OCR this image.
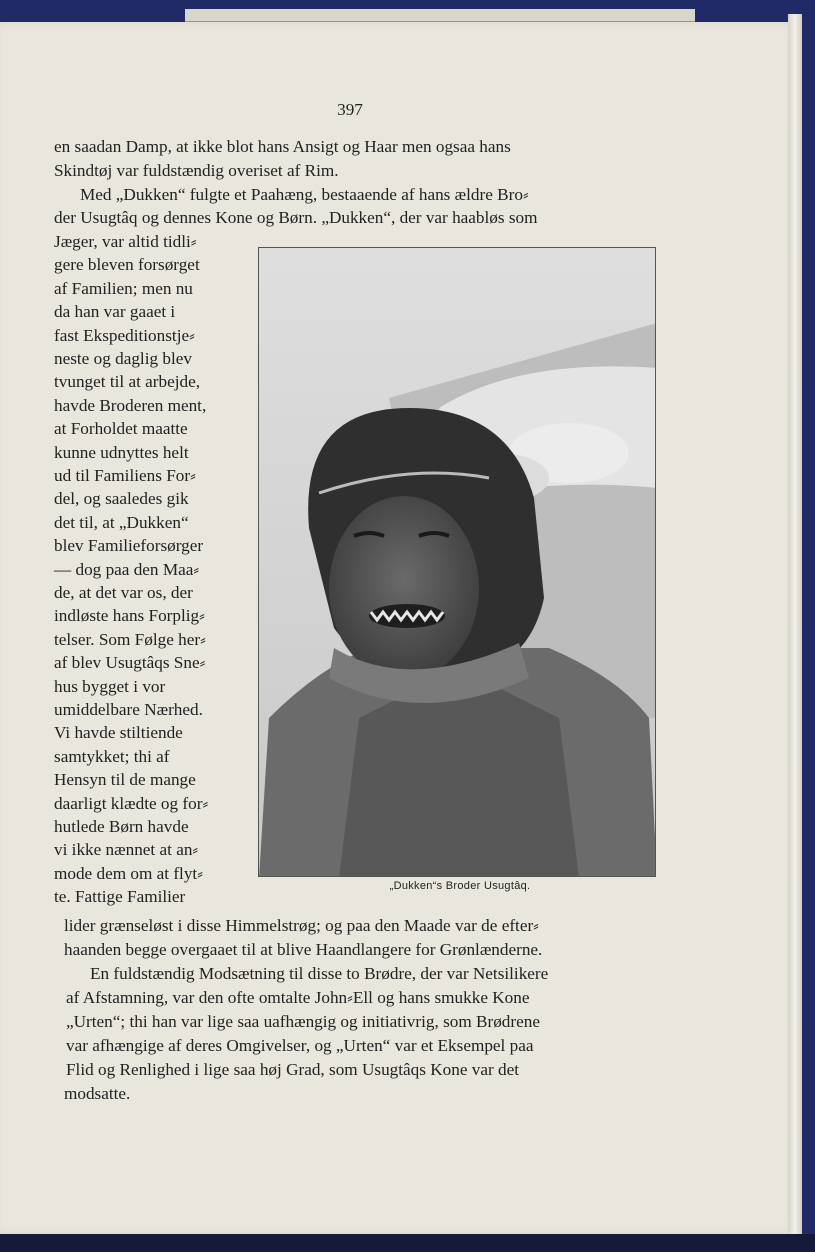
397
en saadan Damp, at ikke blot hans Ansigt og Haar men ogsaa hans
Skindtøj var fuldstændig overiset af Rim.
Med „Dukken“ fulgte et Paahæng, bestaaende af hans ældre Bro⸗
der Usugtâq og dennes Kone og Børn. „Dukken“, der var haabløs som
Jæger, var altid tidli⸗
gere bleven forsørget
af Familien; men nu
da han var gaaet i
fast Ekspeditionstje⸗
neste og daglig blev
tvunget til at arbejde,
havde Broderen ment,
at Forholdet maatte
kunne udnyttes helt
ud til Familiens For⸗
del, og saaledes gik
det til, at „Dukken“
blev Familieforsørger
— dog paa den Maa⸗
de, at det var os, der
indløste hans Forplig⸗
telser. Som Følge her⸗
af blev Usugtâqs Sne⸗
hus bygget i vor
umiddelbare Nærhed.
Vi havde stiltiende
samtykket; thi af
Hensyn til de mange
daarligt klædte og for⸗
hutlede Børn havde
vi ikke nænnet at an⸗
mode dem om at flyt⸗
te. Fattige Familier
„Dukken“s Broder Usugtâq.
lider grænseløst i disse Himmelstrøg; og paa den Maade var de efter⸗
haanden begge overgaaet til at blive Haandlangere for Grønlænderne.
En fuldstændig Modsætning til disse to Brødre, der var Netsilikere
af Afstamning, var den ofte omtalte John⸗Ell og hans smukke Kone
„Urten“; thi han var lige saa uafhængig og initiativrig, som Brødrene
var afhængige af deres Omgivelser, og „Urten“ var et Eksempel paa
Flid og Renlighed i lige saa høj Grad, som Usugtâqs Kone var det
modsatte.
